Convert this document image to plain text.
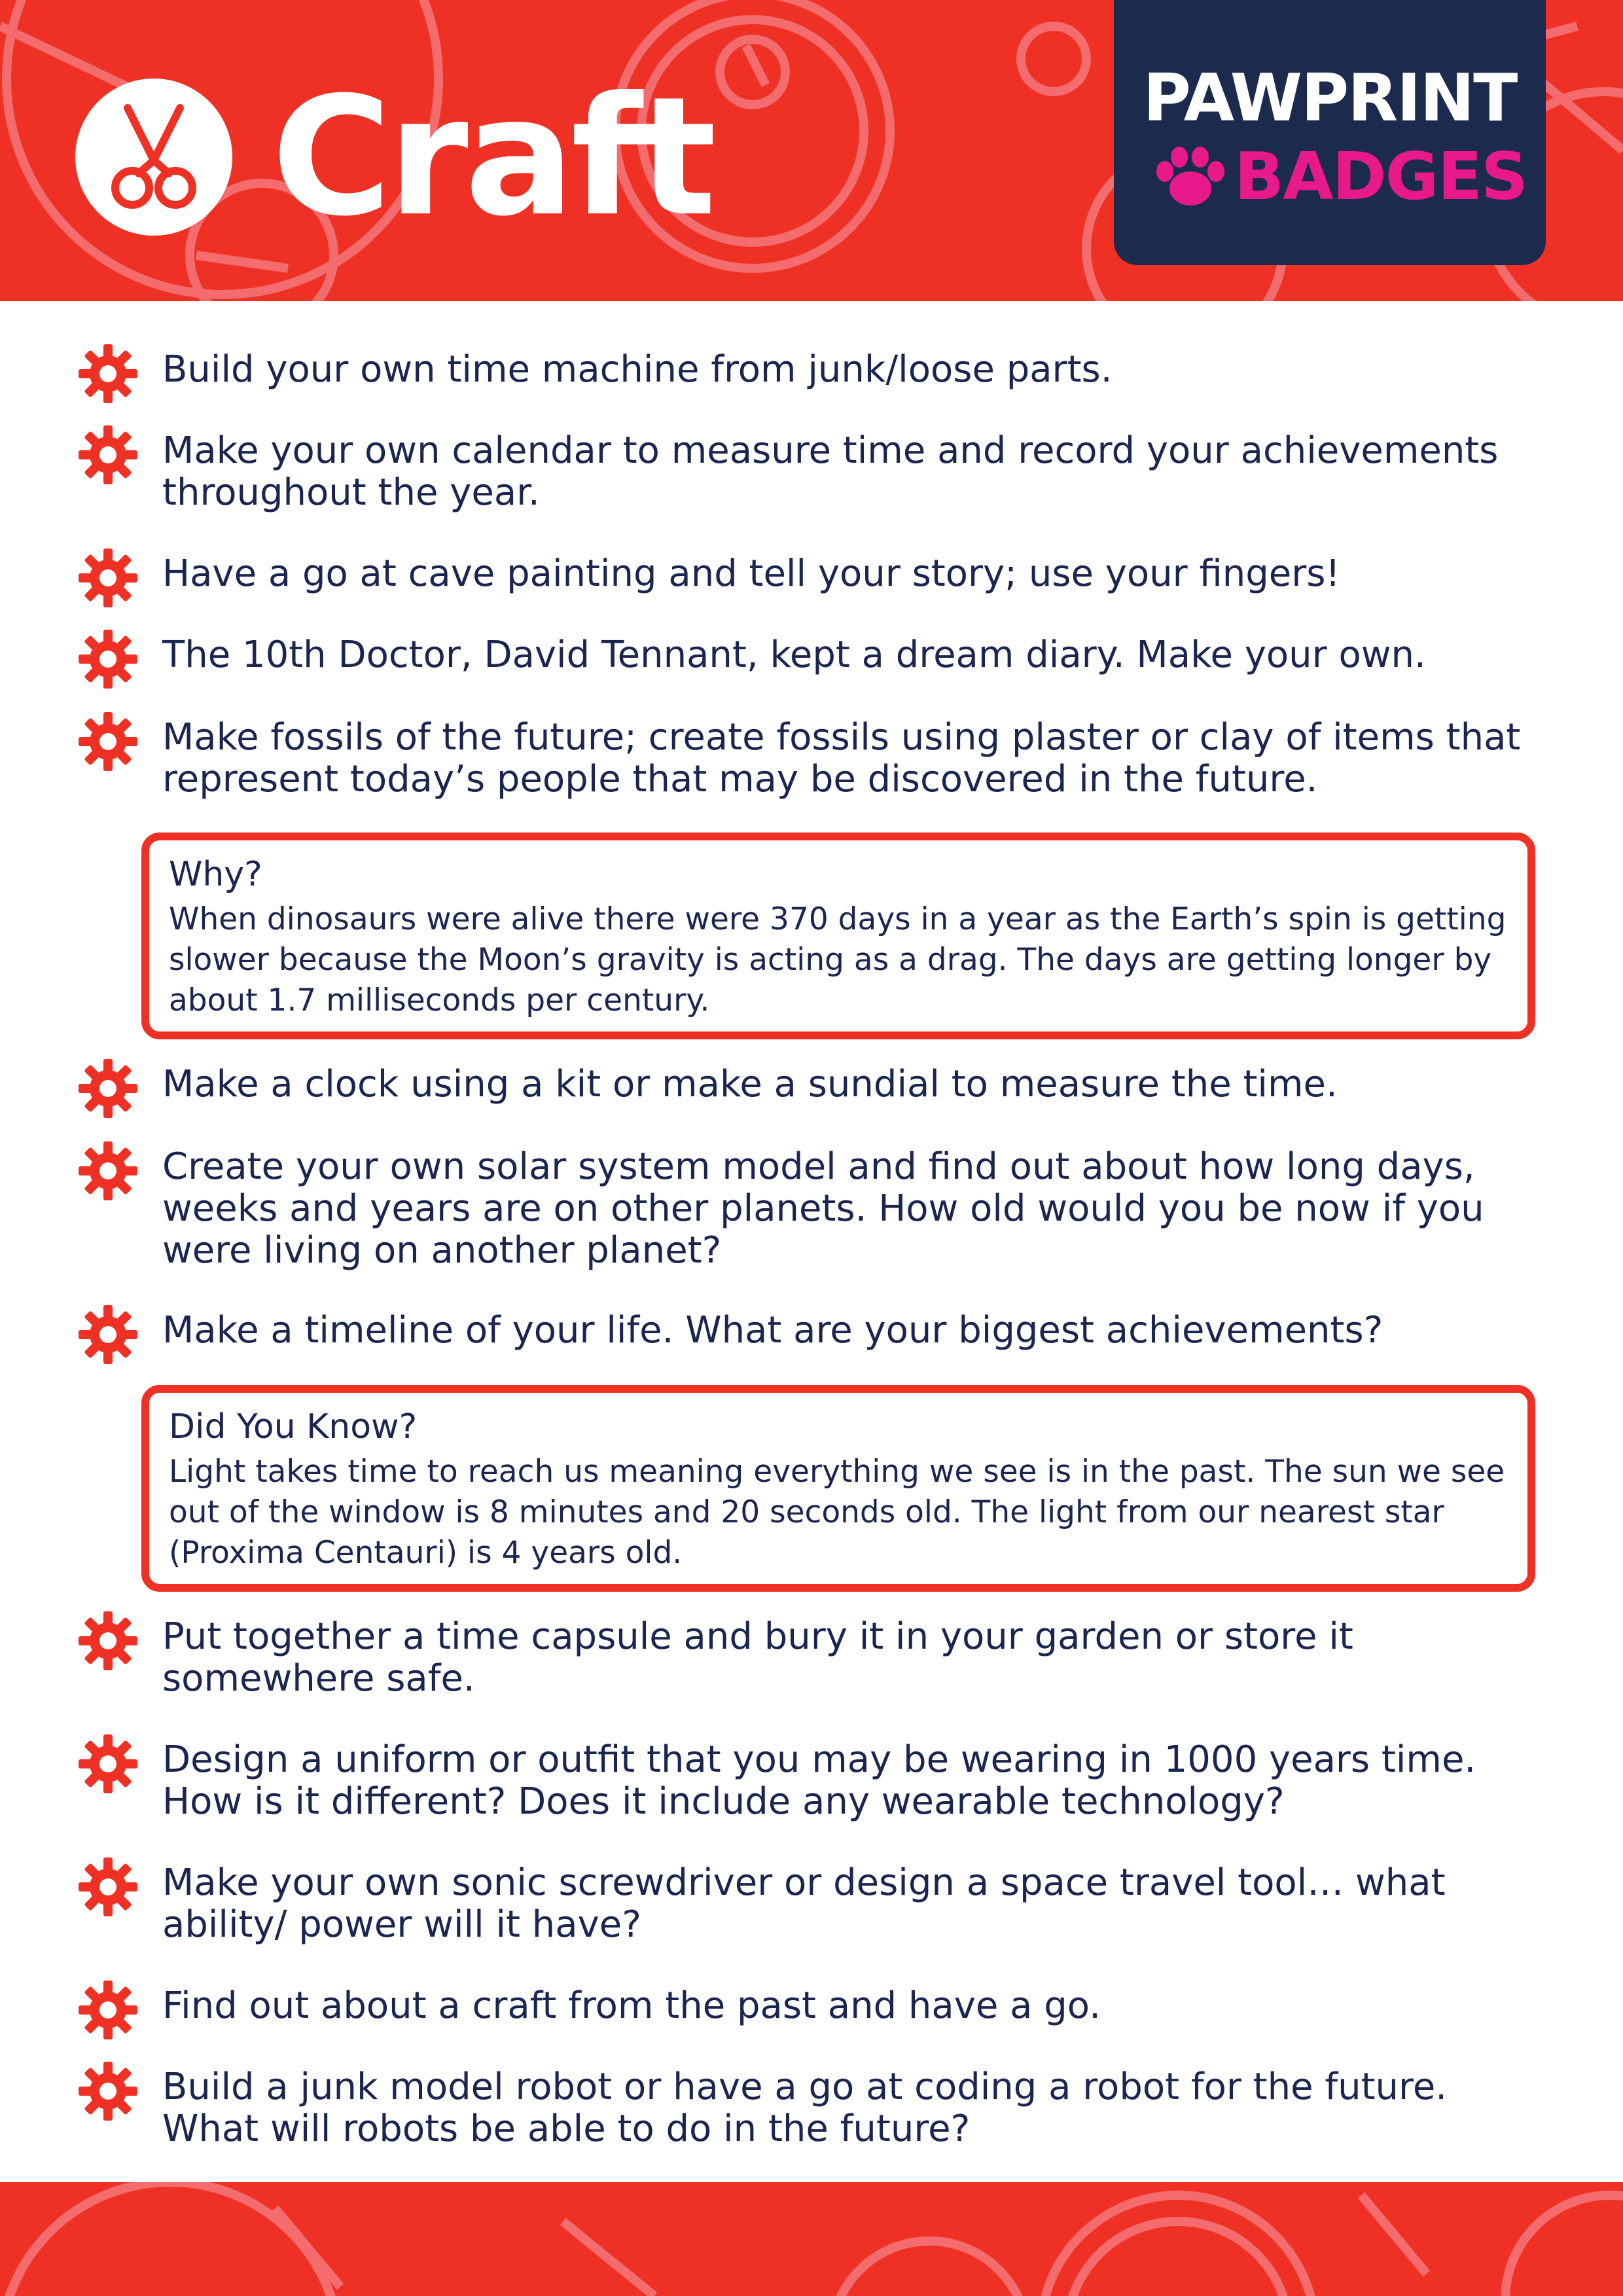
Craft	PAWPRINT
BADGES
Build your own time machine from junk/loose parts.
Make your own calendar to measure time and record your achievements throughout the year.
Have a go at cave painting and tell your story; use your fingers!
The 10th Doctor, David Tennant, kept a dream diary. Make your own.
Make fossils of the future; create fossils using plaster or clay of items that represent today’s people that may be discovered in the future.
Why?
When dinosaurs were alive there were 370 days in a year as the Earth’s spin is getting slower because the Moon’s gravity is acting as a drag. The days are getting longer by about 1.7 milliseconds per century.
Make a clock using a kit or make a sundial to measure the time.
Create your own solar system model and find out about how long days, weeks and years are on other planets. How old would you be now if you were living on another planet?
Make a timeline of your life. What are your biggest achievements?
Did You Know?
Light takes time to reach us meaning everything we see is in the past. The sun we see out of the window is 8 minutes and 20 seconds old. The light from our nearest star (Proxima Centauri) is 4 years old.
Put together a time capsule and bury it in your garden or store it somewhere safe.
Design a uniform or outfit that you may be wearing in 1000 years time. How is it different? Does it include any wearable technology?
Make your own sonic screwdriver or design a space travel tool… what ability/ power will it have?
Find out about a craft from the past and have a go.
Build a junk model robot or have a go at coding a robot for the future. What will robots be able to do in the future?
